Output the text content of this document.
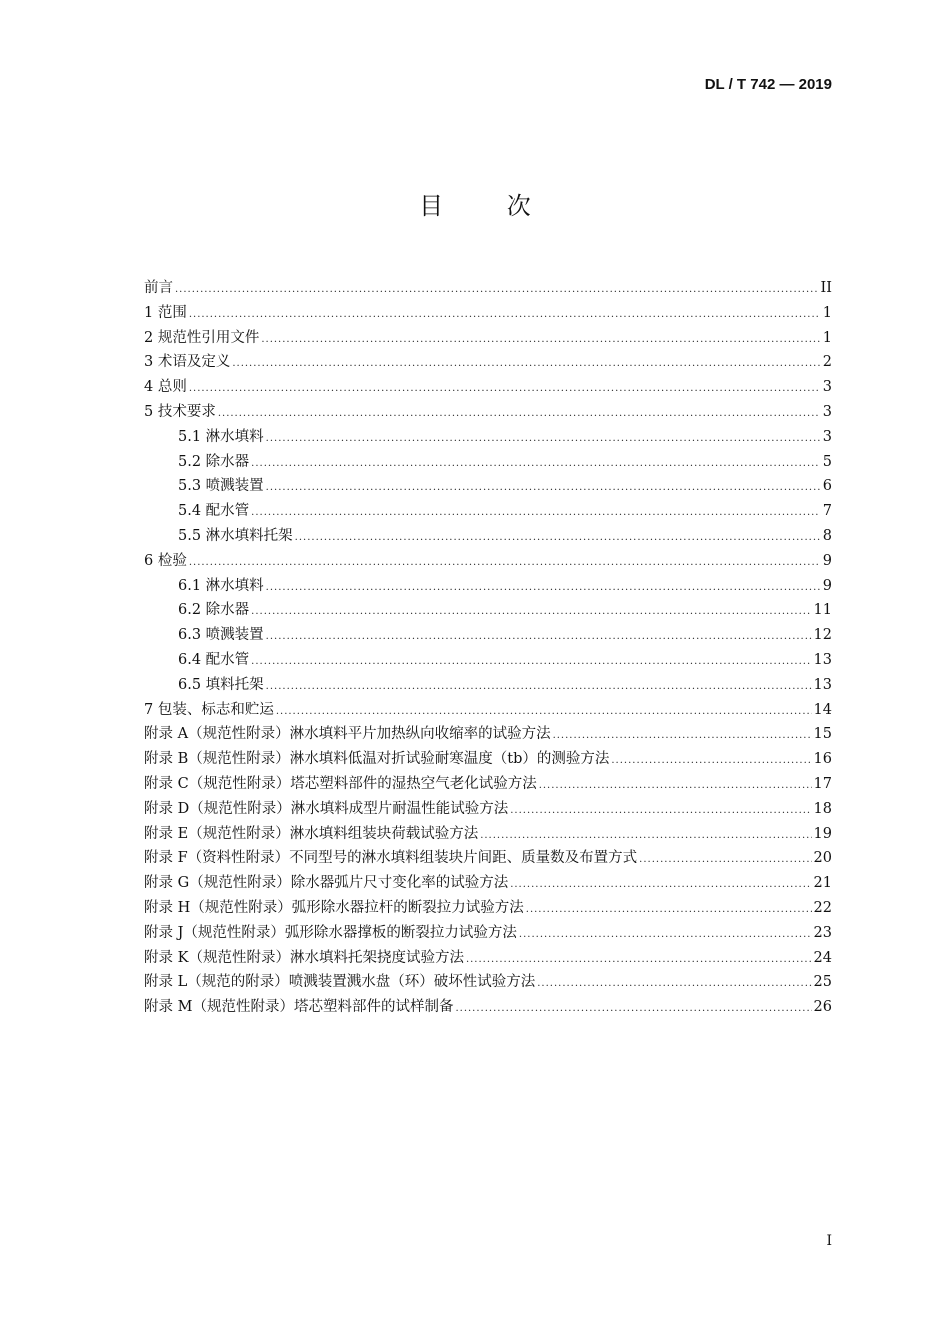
DL / T 742 — 2019
目 次
前言 .....	II
1 范围 .....	1
2 规范性引用文件 .....	1
3 术语及定义 .....	2
4 总则 .....	3
5 技术要求 .....	3
5.1 淋水填料 .....	3
5.2 除水器 .....	5
5.3 喷溅装置 .....	6
5.4 配水管 .....	7
5.5 淋水填料托架 .....	8
6 检验 .....	9
6.1 淋水填料 .....	9
6.2 除水器 .....	11
6.3 喷溅装置 .....	12
6.4 配水管 .....	13
6.5 填料托架 .....	13
7 包装、标志和贮运 .....	14
附录 A（规范性附录）淋水填料平片加热纵向收缩率的试验方法 .....	15
附录 B（规范性附录）淋水填料低温对折试验耐寒温度（tb）的测验方法 .....	16
附录 C（规范性附录）塔芯塑料部件的湿热空气老化试验方法 .....	17
附录 D（规范性附录）淋水填料成型片耐温性能试验方法 .....	18
附录 E（规范性附录）淋水填料组装块荷载试验方法 .....	19
附录 F（资料性附录）不同型号的淋水填料组装块片间距、质量数及布置方式 .....	20
附录 G（规范性附录）除水器弧片尺寸变化率的试验方法 .....	21
附录 H（规范性附录）弧形除水器拉杆的断裂拉力试验方法 .....	22
附录 J（规范性附录）弧形除水器撑板的断裂拉力试验方法 .....	23
附录 K（规范性附录）淋水填料托架挠度试验方法 .....	24
附录 L（规范的附录）喷溅装置溅水盘（环）破坏性试验方法 .....	25
附录 M（规范性附录）塔芯塑料部件的试样制备 .....	26
I
